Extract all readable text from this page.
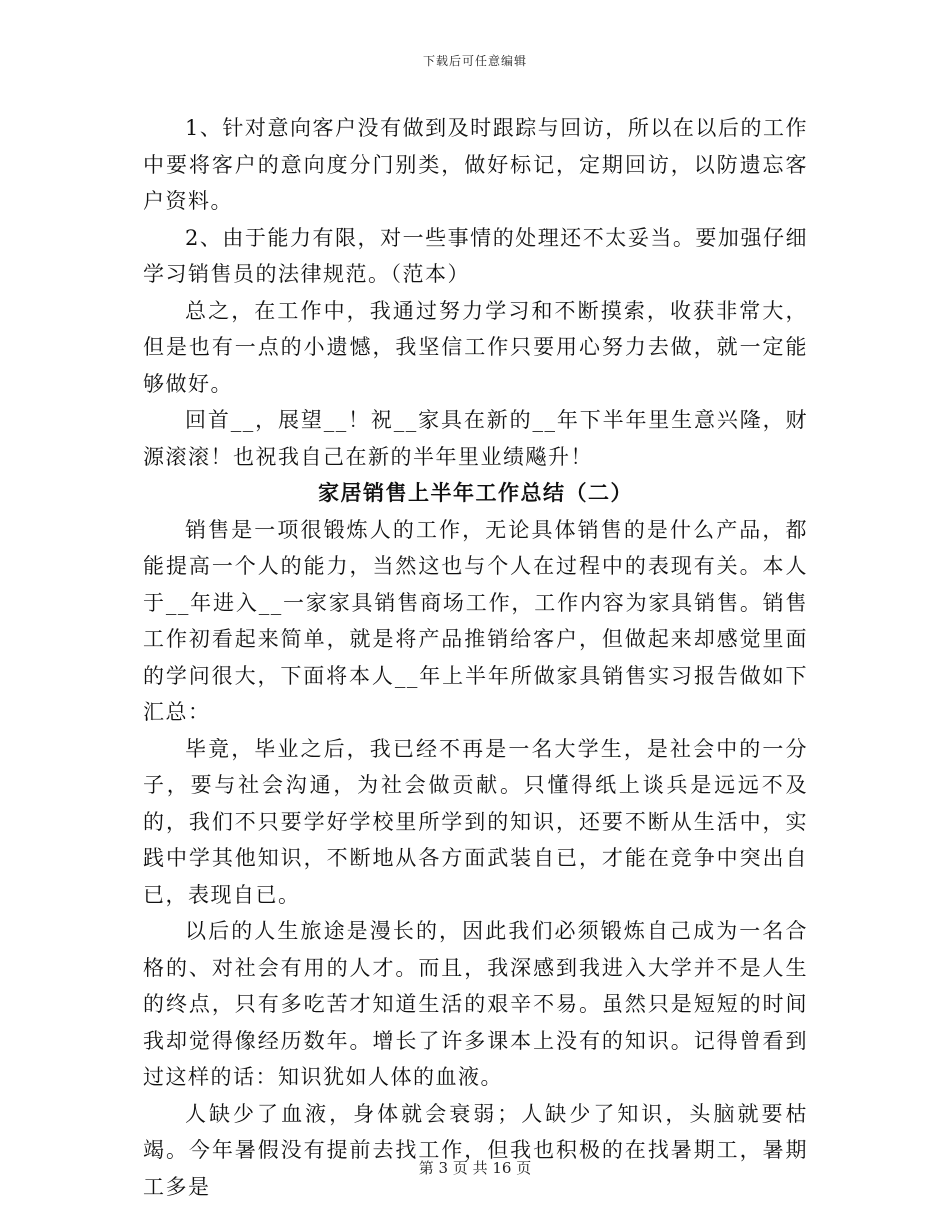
下载后可任意编辑

1、针对意向客户没有做到及时跟踪与回访，所以在以后的工作中要将客户的意向度分门别类，做好标记，定期回访，以防遗忘客户资料。

2、由于能力有限，对一些事情的处理还不太妥当。要加强仔细学习销售员的法律规范。（范本）

总之，在工作中，我通过努力学习和不断摸索，收获非常大，但是也有一点的小遗憾，我坚信工作只要用心努力去做，就一定能够做好。

回首__，展望__！祝__家具在新的__年下半年里生意兴隆，财源滚滚！也祝我自己在新的半年里业绩飚升！

家居销售上半年工作总结（二）

销售是一项很锻炼人的工作，无论具体销售的是什么产品，都能提高一个人的能力，当然这也与个人在过程中的表现有关。本人于__年进入__一家家具销售商场工作，工作内容为家具销售。销售工作初看起来简单，就是将产品推销给客户，但做起来却感觉里面的学问很大，下面将本人__年上半年所做家具销售实习报告做如下汇总：

毕竟，毕业之后，我已经不再是一名大学生，是社会中的一分子，要与社会沟通，为社会做贡献。只懂得纸上谈兵是远远不及的，我们不只要学好学校里所学到的知识，还要不断从生活中，实践中学其他知识，不断地从各方面武装自已，才能在竞争中突出自已，表现自已。

以后的人生旅途是漫长的，因此我们必须锻炼自己成为一名合格的、对社会有用的人才。而且，我深感到我进入大学并不是人生的终点，只有多吃苦才知道生活的艰辛不易。虽然只是短短的时间我却觉得像经历数年。增长了许多课本上没有的知识。记得曾看到过这样的话：知识犹如人体的血液。

人缺少了血液，身体就会衰弱；人缺少了知识，头脑就要枯竭。今年暑假没有提前去找工作，但我也积极的在找暑期工，暑期工多是

第 3 页 共 16 页
